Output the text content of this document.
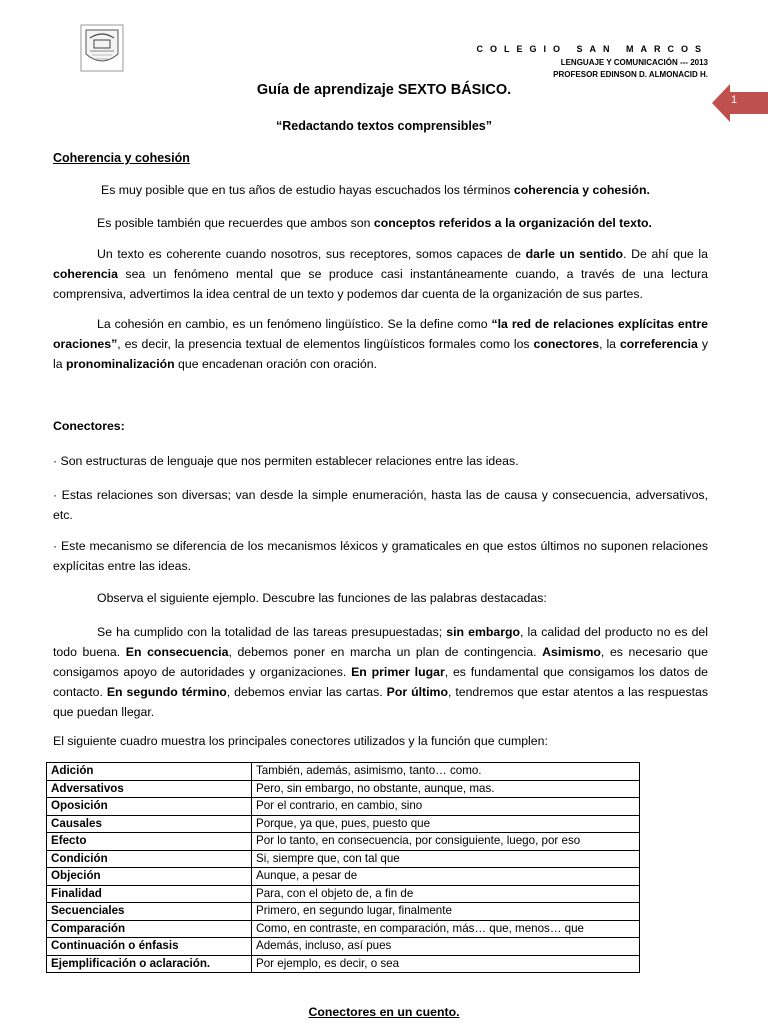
COLEGIO SAN MARCOS
LENGUAJE Y COMUNICACIÓN --- 2013
PROFESOR EDINSON D. ALMONACID H.
1
Guía de aprendizaje SEXTO BÁSICO.
“Redactando textos comprensibles”
Coherencia y cohesión
Es muy posible que en tus años de estudio hayas escuchados los términos coherencia y cohesión.
Es posible también que recuerdes que ambos son conceptos referidos a la organización del texto.
Un texto es coherente cuando nosotros, sus receptores, somos capaces de darle un sentido. De ahí que la coherencia sea un fenómeno mental que se produce casi instantáneamente cuando, a través de una lectura comprensiva, advertimos la idea central de un texto y podemos dar cuenta de la organización de sus partes.
La cohesión en cambio, es un fenómeno lingüístico. Se la define como “la red de relaciones explícitas entre oraciones”, es decir, la presencia textual de elementos lingüísticos formales como los conectores, la correferencia y la pronominalización que encadenan oración con oración.
Conectores:
· Son estructuras de lenguaje que nos permiten establecer relaciones entre las ideas.
· Estas relaciones son diversas; van desde la simple enumeración, hasta las de causa y consecuencia, adversativos, etc.
· Este mecanismo se diferencia de los mecanismos léxicos y gramaticales en que estos últimos no suponen relaciones explícitas entre las ideas.
Observa el siguiente ejemplo. Descubre las funciones de las palabras destacadas:
Se ha cumplido con la totalidad de las tareas presupuestadas; sin embargo, la calidad del producto no es del todo buena. En consecuencia, debemos poner en marcha un plan de contingencia. Asimismo, es necesario que consigamos apoyo de autoridades y organizaciones. En primer lugar, es fundamental que consigamos los datos de contacto. En segundo término, debemos enviar las cartas. Por último, tendremos que estar atentos a las respuestas que puedan llegar.
El siguiente cuadro muestra los principales conectores utilizados y la función que cumplen:
Adición	También, además, asimismo, tanto… como.
Adversativos	Pero, sin embargo, no obstante, aunque, mas.
Oposición	Por el contrario, en cambio, sino
Causales	Porque, ya que, pues, puesto que
Efecto	Por lo tanto, en consecuencia, por consiguiente, luego, por eso
Condición	Si, siempre que, con tal que
Objeción	Aunque, a pesar de
Finalidad	Para, con el objeto de, a fin de
Secuenciales	Primero, en segundo lugar, finalmente
Comparación	Como, en contraste, en comparación, más… que, menos… que
Continuación o énfasis	Además, incluso, así pues
Ejemplificación o aclaración.	Por ejemplo, es decir, o sea
Conectores en un cuento.
